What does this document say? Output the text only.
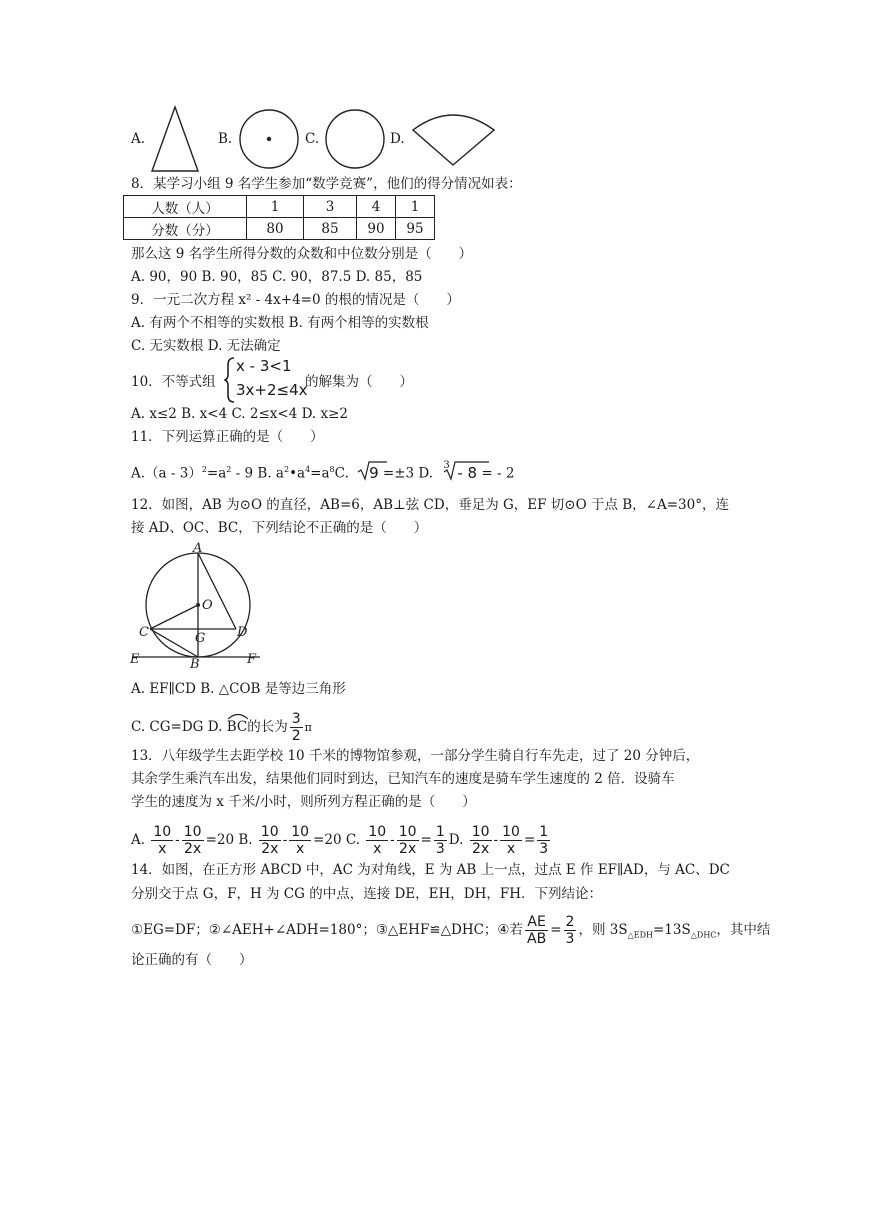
A.	B.	C.	D.
8．某学习小组 9 名学生参加“数学竞赛”，他们的得分情况如表：
人数（人）	1	3	4	1
分数（分）	80	85	90	95
那么这 9 名学生所得分数的众数和中位数分别是（　　）
A. 90，90 B. 90，85 C. 90，87.5 D. 85，85
9．一元二次方程 x² - 4x+4=0 的根的情况是（　　）
A. 有两个不相等的实数根 B. 有两个相等的实数根
C. 无实数根 D. 无法确定
10．不等式组
x - 3<1
3x+2≤4x
的解集为（　　）
A. x≤2 B. x<4 C. 2≤x<4 D. x≥2
11．下列运算正确的是（　　）
$A.(a - 3)^2=a^2 - 9$ B. $a^2•a^4=a^8C$. 9 =±3 D.
3 - 8 = - 2
12．如图，AB 为⊙O 的直径，AB=6，AB⊥弦 CD，垂足为 G，EF 切⊙O 于点 B，∠A=30°，连
接 AD、OC、BC，下列结论不正确的是（　　）
A
O
C	G D
E	B	F
A. EF∥CD B. △COB 是等边三角形
C. CG=DG D. BC的长为 $\frac{3}{2}$ π
13．八年级学生去距学校 10 千米的博物馆参观，一部分学生骑自行车先走，过了 20 分钟后，
其余学生乘汽车出发，结果他们同时到达，已知汽车的速度是骑车学生速度的 2 倍．设骑车
学生的速度为 x 千米/小时，则所列方程正确的是（　　）
A. $\frac{10}{x} - \frac{10}{2x} =20$ B. $\frac{10}{2x} - \frac{10}{x} =20$ C. $\frac{10}{x} - \frac{10}{2x} = \frac{1}{3} D$. $\frac{10}{2x} - \frac{10}{x} = \frac{1}{3}$
14．如图，在正方形 ABCD 中，AC 为对角线，E 为 AB 上一点，过点 E 作 EF∥AD，与 AC、DC
分别交于点 G，F，H 为 CG 的中点，连接 DE，EH，DH，FH．下列结论：
①EG=DF；②∠AEH+∠ADH=180°；③△EHF≌△DHC；④若 $\frac{AE}{AB} = \frac{2}{3}$ ，则 $3S_{\triangle EDH}=13S_{\triangle DHC}$，其中结
论正确的有（　　）
